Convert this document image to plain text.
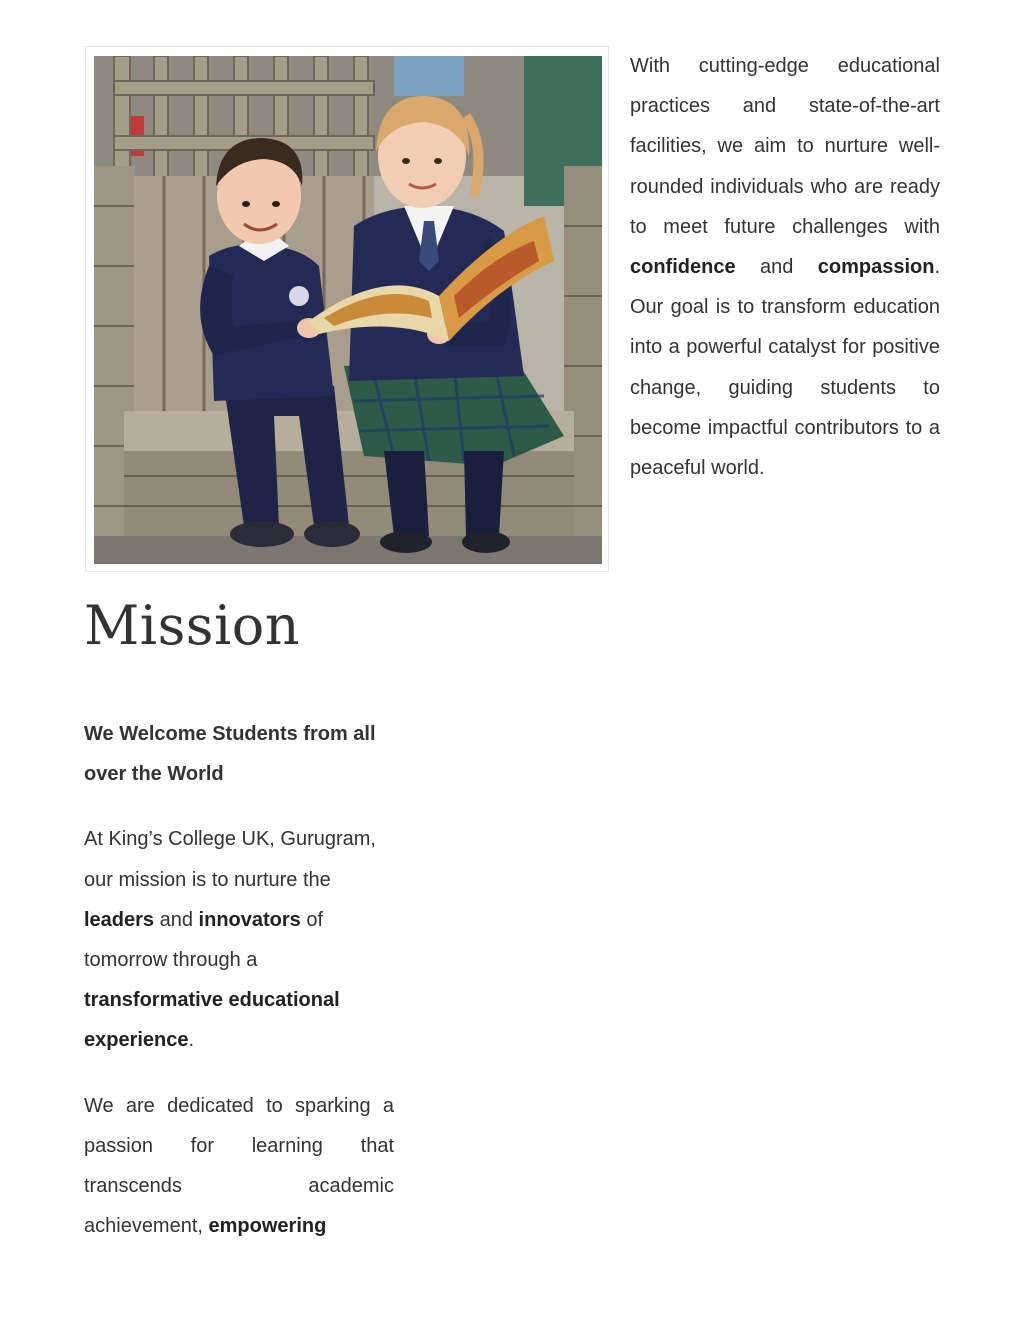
With cutting-edge educational practices and state-of-the-art facilities, we aim to nurture well-rounded individuals who are ready to meet future challenges with confidence and compassion. Our goal is to transform education into a powerful catalyst for positive change, guiding students to become impactful contributors to a peaceful world.

Mission

We Welcome Students from all over the World

At King’s College UK, Gurugram, our mission is to nurture the leaders and innovators of tomorrow through a transformative educational experience.

We are dedicated to sparking a passion for learning that transcends academic achievement, empowering
